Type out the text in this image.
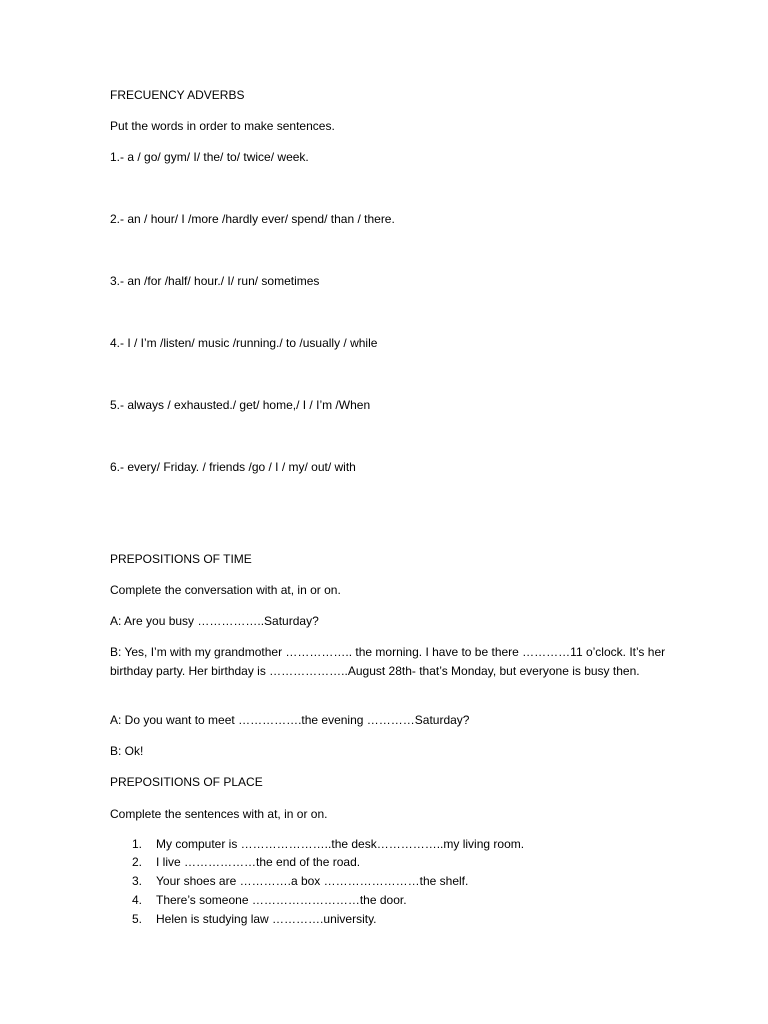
FRECUENCY ADVERBS
Put the words in order to make sentences.
1.- a / go/ gym/ I/ the/ to/ twice/ week.
2.- an / hour/ I /more /hardly ever/ spend/ than / there.
3.- an /for /half/ hour./ I/ run/ sometimes
4.- I / I’m /listen/ music /running./ to /usually / while
5.- always / exhausted./ get/ home,/ I / I’m /When
6.- every/ Friday. / friends /go / I / my/ out/ with
PREPOSITIONS OF TIME
Complete the conversation with at, in or on.
A: Are you busy ……………..Saturday?
B: Yes, I’m with my grandmother …………….. the morning. I have to be there …………11 o’clock. It’s her birthday party. Her birthday is ………………..August 28th- that’s Monday, but everyone is busy then.
A: Do you want to meet …………….the evening …………Saturday?
B: Ok!
PREPOSITIONS OF PLACE
Complete the sentences with at, in or on.
1. My computer is …………………..the desk……………..my living room.
2. I live ………………the end of the road.
3. Your shoes are ………….a box ……………………the shelf.
4. There’s someone ………………………the door.
5. Helen is studying law ………….university.
